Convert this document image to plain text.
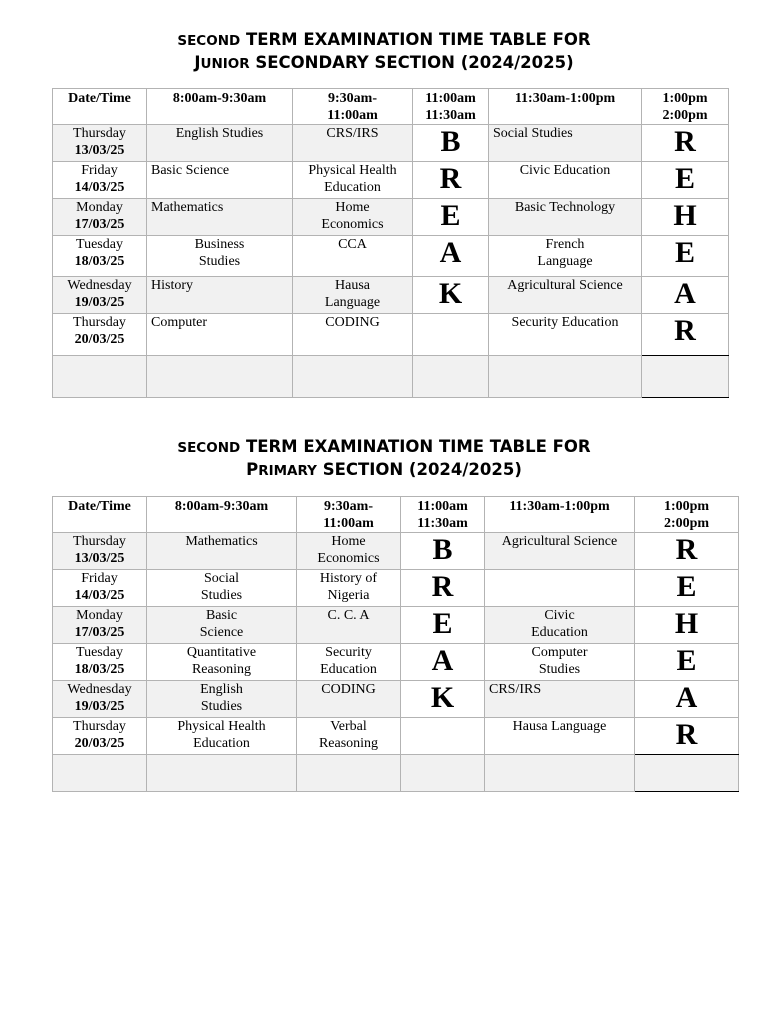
SECOND TERM EXAMINATION TIME TABLE FOR
JUNIOR SECONDARY SECTION (2024/2025)
Date/Time	8:00am-9:30am	9:30am-
11:00am	11:00am
11:30am	11:30am-1:00pm	1:00pm
2:00pm
Thursday
13/03/25	English Studies	CRS/IRS	B	Social Studies	R
Friday
14/03/25	Basic Science	Physical Health
Education	R	Civic Education	E
Monday
17/03/25	Mathematics	Home
Economics	E	Basic Technology	H
Tuesday
18/03/25	Business
Studies	CCA	A	French
Language	E
Wednesday
19/03/25	History	Hausa
Language	K	Agricultural Science	A
Thursday
20/03/25	Computer	CODING		Security Education	R

SECOND TERM EXAMINATION TIME TABLE FOR
PRIMARY SECTION (2024/2025)
Date/Time	8:00am-9:30am	9:30am-
11:00am	11:00am
11:30am	11:30am-1:00pm	1:00pm
2:00pm
Thursday
13/03/25	Mathematics	Home
Economics	B	Agricultural Science	R
Friday
14/03/25	Social
Studies	History of
Nigeria	R		E
Monday
17/03/25	Basic
Science	C. C. A	E	Civic
Education	H
Tuesday
18/03/25	Quantitative
Reasoning	Security
Education	A	Computer
Studies	E
Wednesday
19/03/25	English
Studies	CODING	K	CRS/IRS	A
Thursday
20/03/25	Physical Health
Education	Verbal
Reasoning		Hausa Language	R
